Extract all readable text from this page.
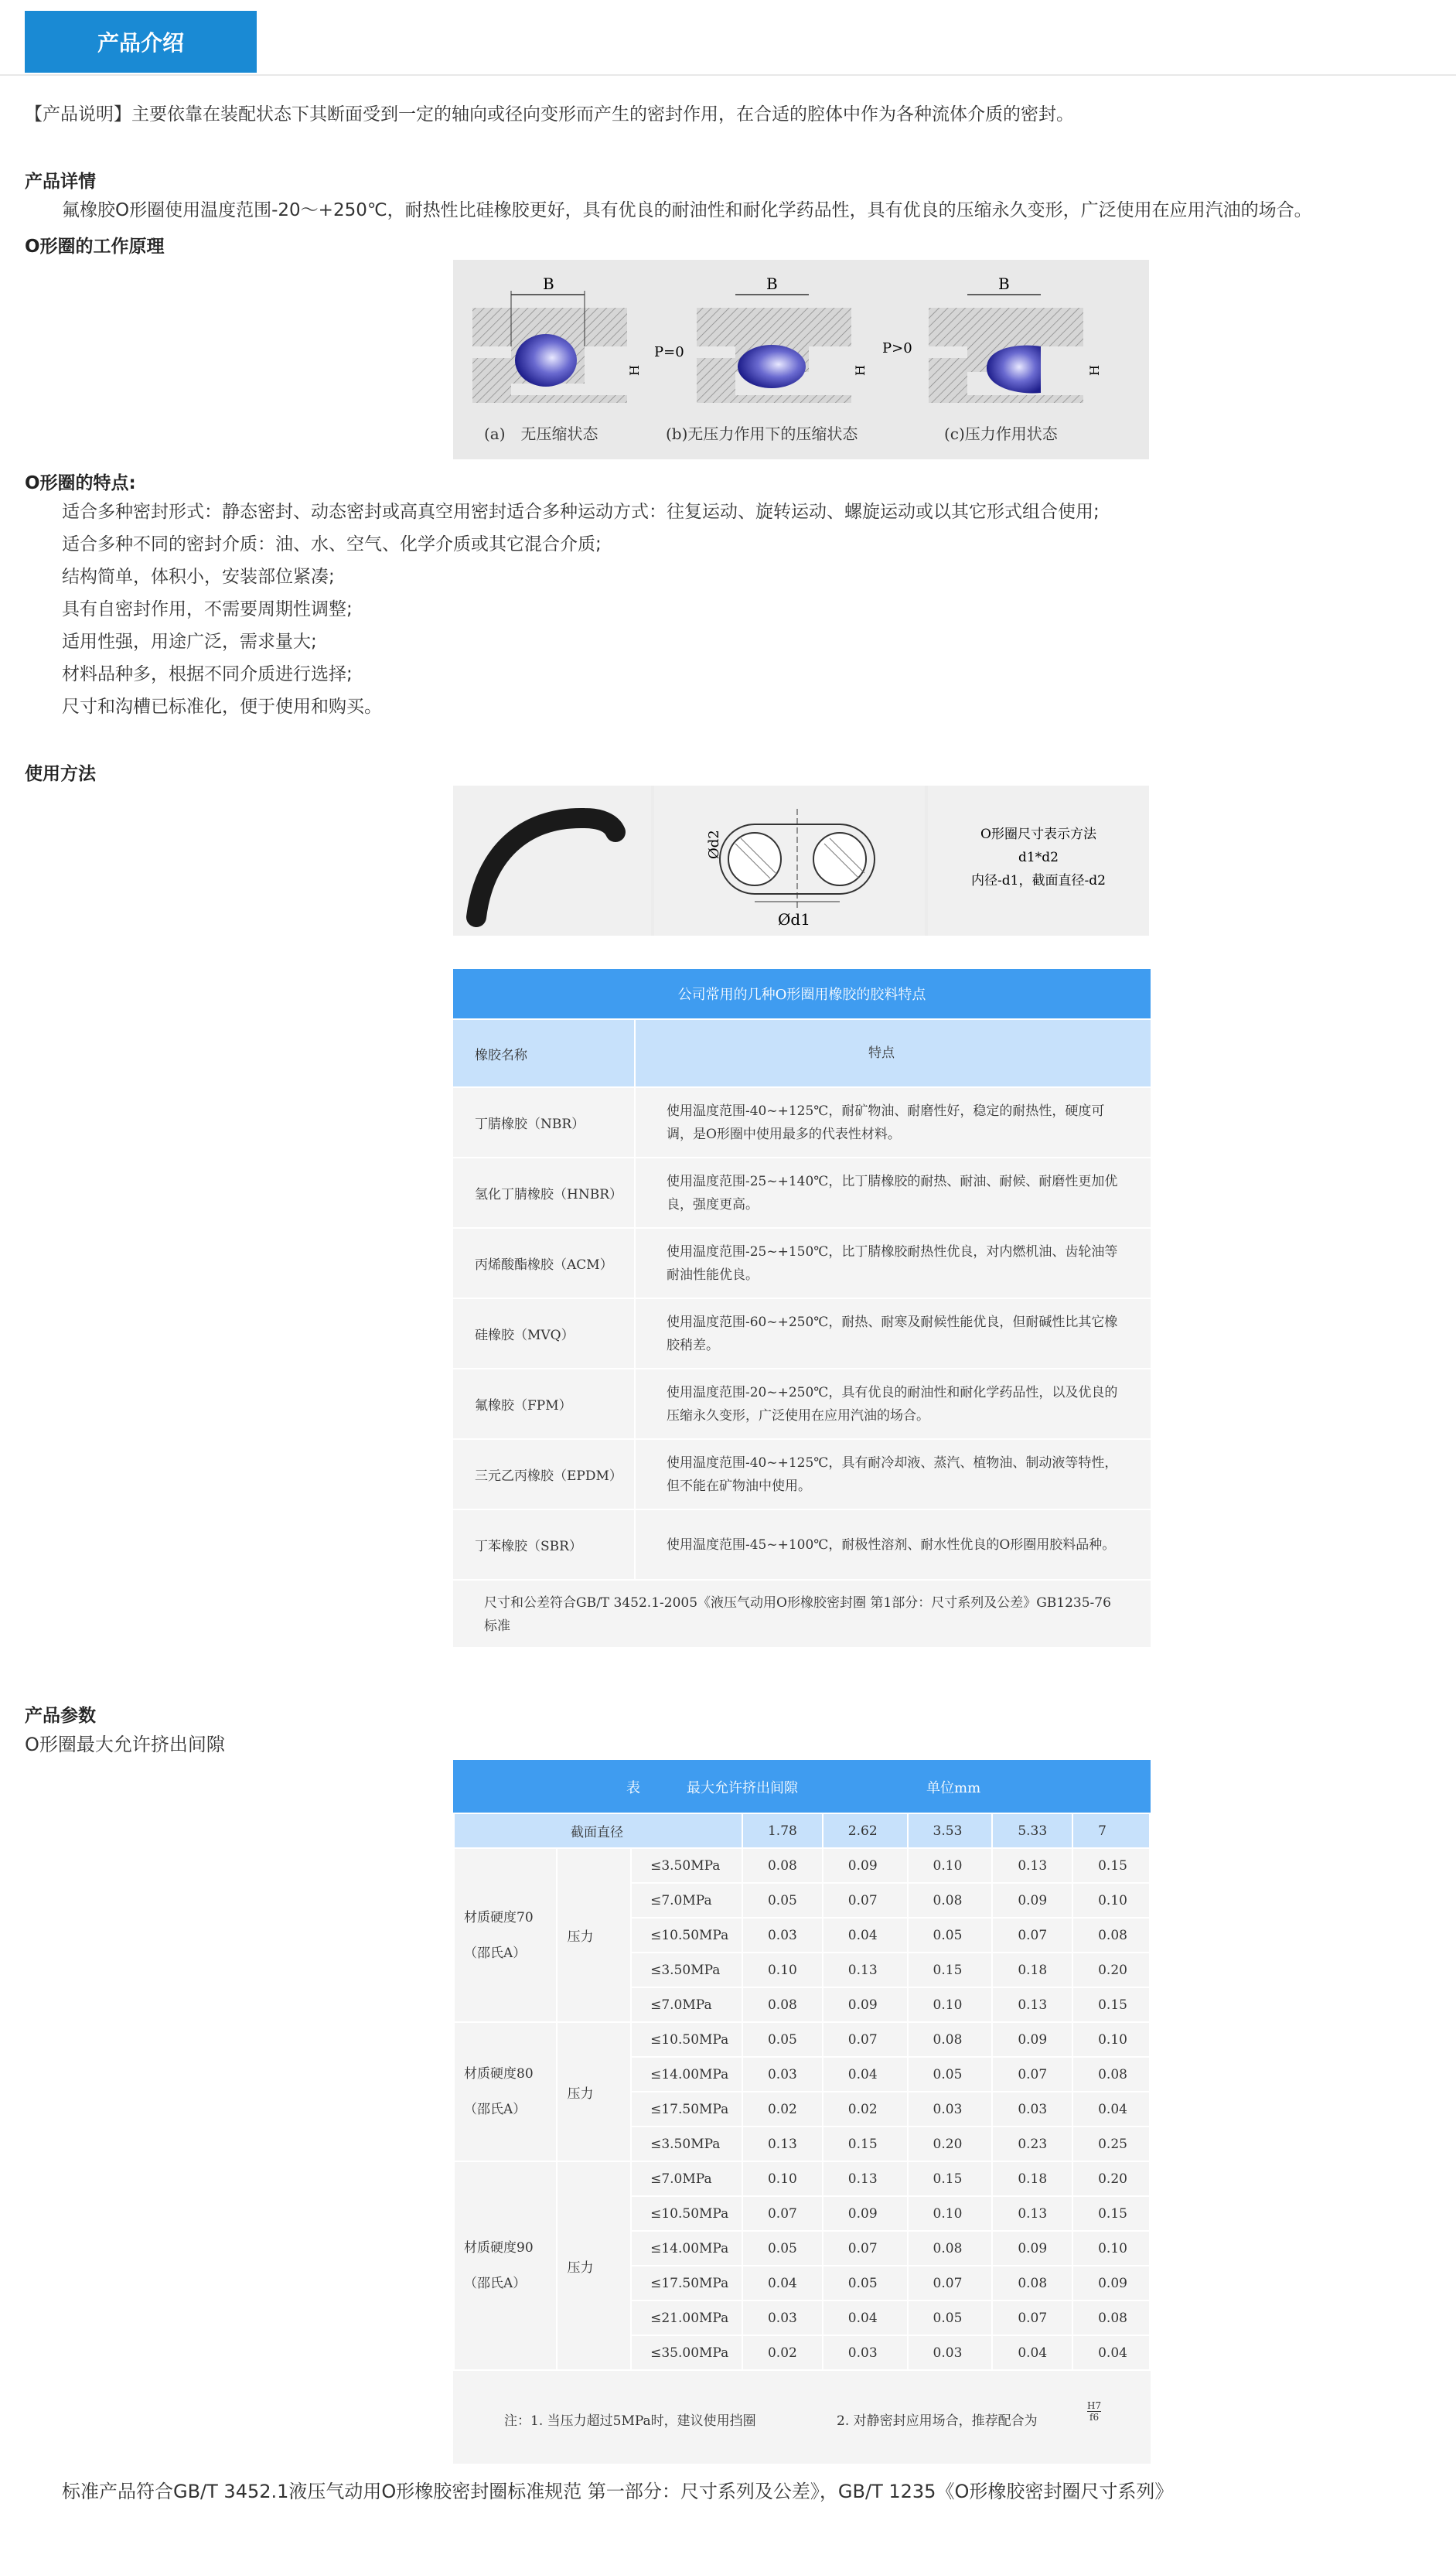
产品介绍
【产品说明】主要依靠在装配状态下其断面受到一定的轴向或径向变形而产生的密封作用，在合适的腔体中作为各种流体介质的密封。
产品详情
氟橡胶O形圈使用温度范围-20～+250℃，耐热性比硅橡胶更好，具有优良的耐油性和耐化学药品性，具有优良的压缩永久变形，广泛使用在应用汽油的场合。
O形圈的工作原理
B
H
P=0
(a)　无压缩状态
B
H
P>0
(b)无压力作用下的压缩状态
B
H
(c)压力作用状态
O形圈的特点:
适合多种密封形式：静态密封、动态密封或高真空用密封适合多种运动方式：往复运动、旋转运动、螺旋运动或以其它形式组合使用;
适合多种不同的密封介质：油、水、空气、化学介质或其它混合介质;
结构简单，体积小，安装部位紧凑;
具有自密封作用，不需要周期性调整;
适用性强，用途广泛，需求量大;
材料品种多，根据不同介质进行选择;
尺寸和沟槽已标准化，便于使用和购买。
使用方法
Ød2
Ød1
O形圈尺寸表示方法
d1*d2
内径-d1，截面直径-d2
公司常用的几种O形圈用橡胶的胶料特点
橡胶名称	特点
丁腈橡胶（NBR）
使用温度范围-40~+125℃，耐矿物油、耐磨性好，稳定的耐热性，硬度可调，是O形圈中使用最多的代表性材料。
氢化丁腈橡胶（HNBR）
使用温度范围-25~+140℃，比丁腈橡胶的耐热、耐油、耐候、耐磨性更加优良，强度更高。
丙烯酸酯橡胶（ACM）
使用温度范围-25~+150℃，比丁腈橡胶耐热性优良，对内燃机油、齿轮油等耐油性能优良。
硅橡胶（MVQ）
使用温度范围-60~+250℃，耐热、耐寒及耐候性能优良，但耐碱性比其它橡胶稍差。
氟橡胶（FPM）
使用温度范围-20~+250℃，具有优良的耐油性和耐化学药品性，以及优良的压缩永久变形，广泛使用在应用汽油的场合。
三元乙丙橡胶（EPDM）
使用温度范围-40~+125℃，具有耐冷却液、蒸汽、植物油、制动液等特性，但不能在矿物油中使用。
丁苯橡胶（SBR）	使用温度范围-45~+100℃，耐极性溶剂、耐水性优良的O形圈用胶料品种。
尺寸和公差符合GB/T 3452.1-2005《液压气动用O形橡胶密封圈 第1部分：尺寸系列及公差》GB1235-76标准
产品参数
O形圈最大允许挤出间隙
表	最大允许挤出间隙	单位mm
截面直径			1.78	2.62	3.53	5.33	7
材质硬度70（邵氏A）	压力	≤3.50MPa	0.08	0.09	0.10	0.13	0.15
		≤7.0MPa	0.05	0.07	0.08	0.09	0.10
		≤10.50MPa	0.03	0.04	0.05	0.07	0.08
		≤3.50MPa	0.10	0.13	0.15	0.18	0.20
		≤7.0MPa	0.08	0.09	0.10	0.13	0.15
材质硬度80（邵氏A）	压力	≤10.50MPa	0.05	0.07	0.08	0.09	0.10
		≤14.00MPa	0.03	0.04	0.05	0.07	0.08
		≤17.50MPa	0.02	0.02	0.03	0.03	0.04
		≤3.50MPa	0.13	0.15	0.20	0.23	0.25
材质硬度90（邵氏A）	压力	≤7.0MPa	0.10	0.13	0.15	0.18	0.20
		≤10.50MPa	0.07	0.09	0.10	0.13	0.15
		≤14.00MPa	0.05	0.07	0.08	0.09	0.10
		≤17.50MPa	0.04	0.05	0.07	0.08	0.09
		≤21.00MPa	0.03	0.04	0.05	0.07	0.08
		≤35.00MPa	0.02	0.03	0.03	0.04	0.04
注：1. 当压力超过5MPa时，建议使用挡圈	2. 对静密封应用场合，推荐配合为	$\frac{H7}{f6}$
标准产品符合GB/T 3452.1液压气动用O形橡胶密封圈标准规范 第一部分：尺寸系列及公差》，GB/T 1235《O形橡胶密封圈尺寸系列》
